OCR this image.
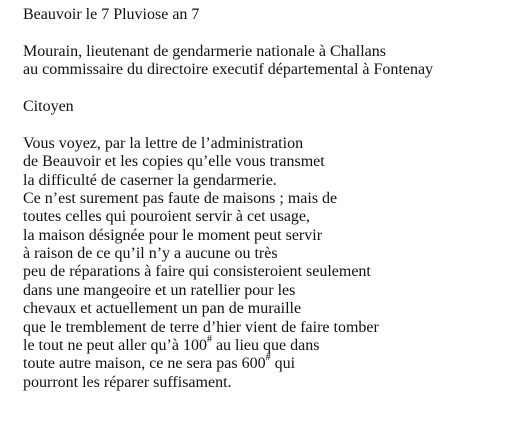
Beauvoir le 7 Pluviose an 7
Mourain, lieutenant de gendarmerie nationale à Challans
au commissaire du directoire executif départemental à Fontenay
Citoyen
Vous voyez, par la lettre de l’administration
de Beauvoir et les copies qu’elle vous transmet
la difficulté de caserner la gendarmerie.
Ce n’est surement pas faute de maisons ; mais de
toutes celles qui pouroient servir à cet usage,
la maison désignée pour le moment peut servir
à raison de ce qu’il n’y a aucune ou très
peu de réparations à faire qui consisteroient seulement
dans une mangeoire et un ratellier pour les
chevaux et actuellement un pan de muraille
que le tremblement de terre d’hier vient de faire tomber
le tout ne peut aller qu’à 100# au lieu que dans
toute autre maison, ce ne sera pas 600# qui
pourront les réparer suffisament.
